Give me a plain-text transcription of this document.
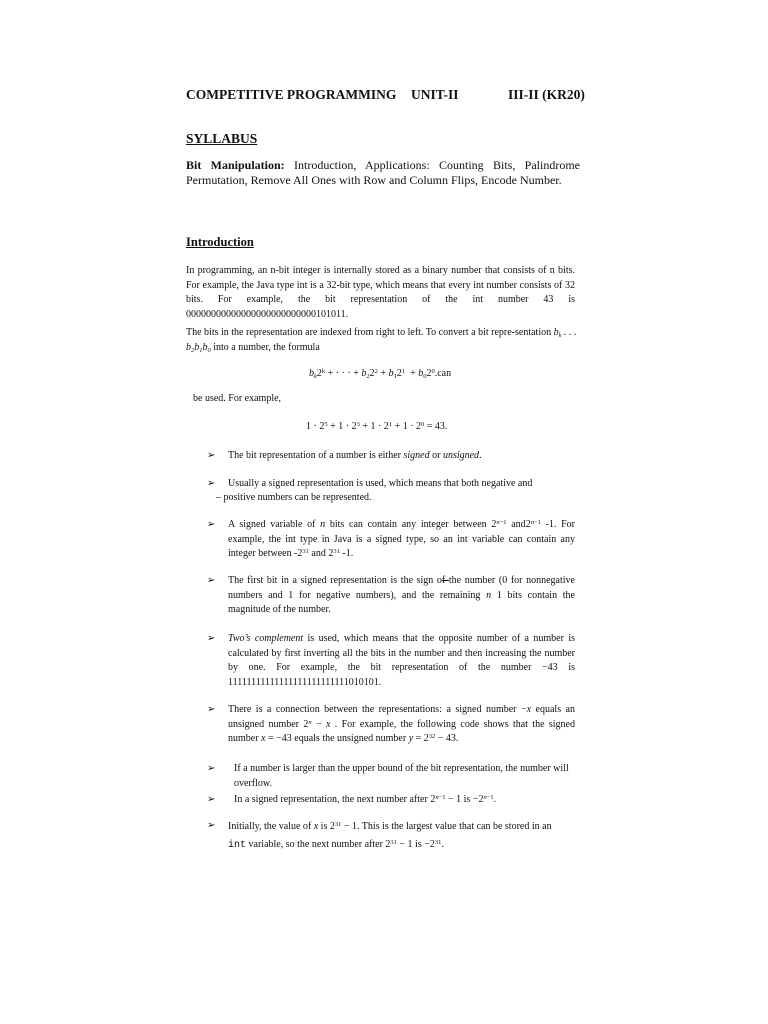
COMPETITIVE PROGRAMMING UNIT-II	III-II (KR20)
SYLLABUS
Bit Manipulation: Introduction, Applications: Counting Bits, Palindrome Permutation, Remove All Ones with Row and Column Flips, Encode Number.
Introduction
In programming, an n-bit integer is internally stored as a binary number that consists of n bits. For example, the Java type int is a 32-bit type, which means that every int number consists of 32 bits. For example, the bit representation of the int number 43 is 00000000000000000000000000101011.
The bits in the representation are indexed from right to left. To convert a bit repre-sentation $b_k$ . . . $b_2b_1b_0$ into a number, the formula
$b_k2^k$ + · · · + $b_22^2 + b_12^1 + b_02^0.can$
be used. For example,
$1 \cdot 2^5 + 1 \cdot 2^3 + 1 \cdot 2^1 + 1 \cdot 2^0 = 43$.
➢ The bit representation of a number is either signed or unsigned.
➢ Usually a signed representation is used, which means that both negative and
– positive numbers can be represented.
➢ A signed variable of n bits can contain any integer between $2^{n-1}$ $and2^{n-1}$ -1. For example, the int type in Java is a signed type, so an int variable can contain any integer between $-2^{31}$ and $2^{31}$ -1.
➢ The first bit in a signed representation is the sign of the number (0 for nonnegative numbers and 1 for negative numbers), and the remaining n 1 bits contain the magnitude of the number.
➢ Two’s complement is used, which means that the opposite number of a number is calculated by first inverting all the bits in the number and then increasing the number by one. For example, the bit representation of the number −43 is 11111111111111111111111111010101.
➢ There is a connection between the representations: a signed number −x equals an unsigned number $2^n - x$ . For example, the following code shows that the signed number x = −43 equals the unsigned number $y = 2^{32} - 43$.
➢ If a number is larger than the upper bound of the bit representation, the number will overflow.
➢ In a signed representation, the next number after $2^{n-1} - 1$ is $-2^{n-1}$.
➢ Initially, the value of x is $2^{31} - 1$. This is the largest value that can be stored in an
int variable, so the next number after $2^{31} - 1$ is $-2^{31}$.
